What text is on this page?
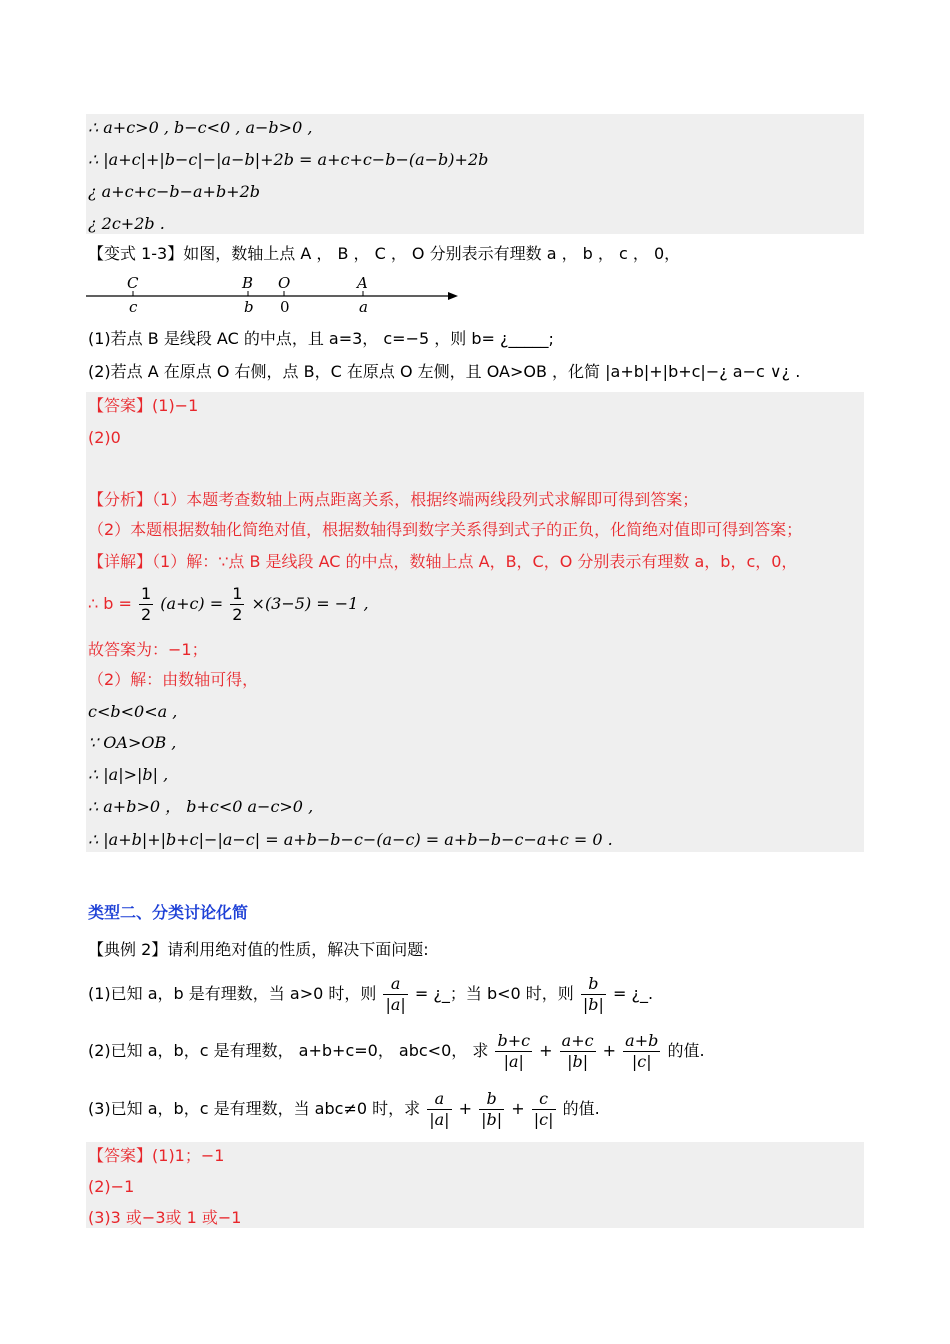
∴ a+c>0 , b−c<0 , a−b>0 ,
∴ |a+c|+|b−c|−|a−b|+2b = a+c+c−b−(a−b)+2b
¿ a+c+c−b−a+b+2b
¿ 2c+2b .
【变式 1-3】如图，数轴上点 A ， B ， C ， O 分别表示有理数 a ， b ， c ， 0，
C	B O	A
c	b 0	a
(1)若点 B 是线段 AC 的中点，且 a=3， c=−5 ，则 b= ¿_____;
(2)若点 A 在原点 O 右侧，点 B，C 在原点 O 左侧，且 OA>OB ，化简 |a+b|+|b+c|−¿ a−c ∨¿ .
【答案】(1)−1
(2)0
【分析】（1）本题考查数轴上两点距离关系，根据终端两线段列式求解即可得到答案；
（2）本题根据数轴化简绝对值，根据数轴得到数字关系得到式子的正负，化简绝对值即可得到答案；
【详解】（1）解：∵点 B 是线段 AC 的中点，数轴上点 A，B，C，O 分别表示有理数 a，b，c，0，
∴ $b = \frac{1}{2} (a+c) = \frac{1}{2} \times(3-5) = -1$ ,
故答案为：−1；
（2）解：由数轴可得，
c<b<0<a ,
∵ OA>OB ,
∴ |a|>|b| ,
∴ a+b>0 ， b+c<0 a−c>0 ,
∴ |a+b|+|b+c|−|a−c| = a+b−b−c−(a−c) = a+b−b−c−a+c = 0 .
类型二、分类讨论化简
【典例 2】请利用绝对值的性质，解决下面问题:
(1)已知 a，b 是有理数，当 a>0 时，则 $\frac{a}{|a|}$ = ¿_；当 b<0 时，则 $\frac{b}{|b|}$ = ¿_.
(2)已知 a，b，c 是有理数， a+b+c=0， abc<0， 求 $\frac{b+c}{|a|} + \frac{a+c}{|b|} + \frac{a+b}{|c|}$ 的值.
(3)已知 a，b，c 是有理数，当 abc≠0 时，求 $\frac{a}{|a|} + \frac{b}{|b|} + \frac{c}{|c|}$ 的值.
【答案】(1)1；−1
(2)−1
(3)3 或−3或 1 或−1
